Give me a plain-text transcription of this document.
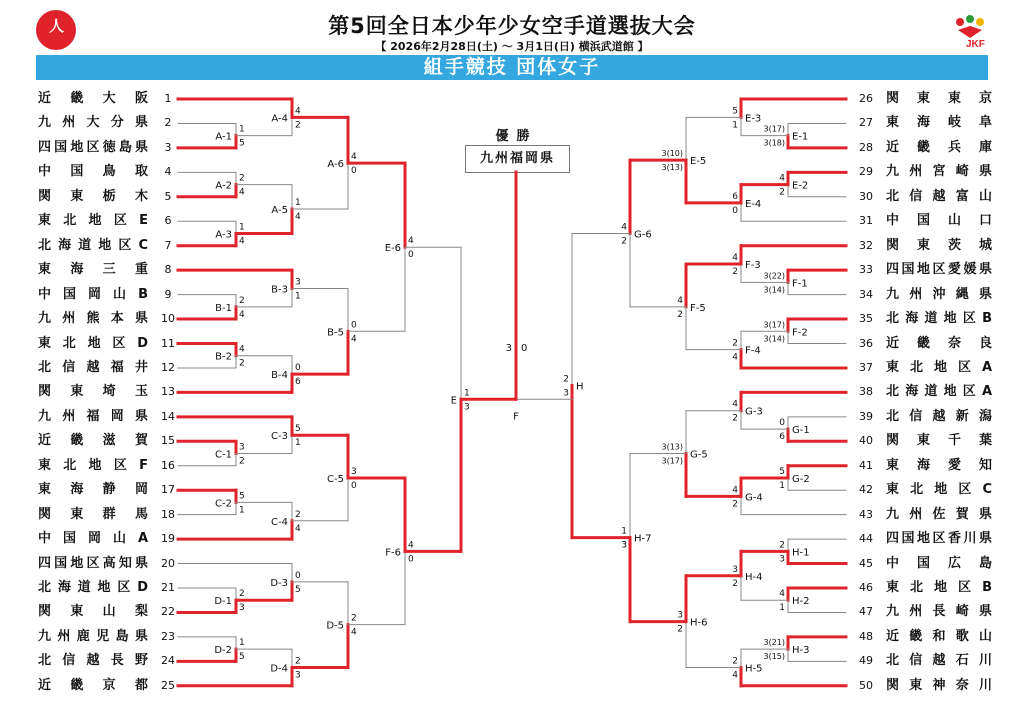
人
JKF
第5回全日本少年少女空手道選抜大会
【 2026年2月28日(土) ～ 3月1日(日) 横浜武道館 】
組手競技 団体女子
優勝
九州福岡県
近畿大阪	1
九州大分県	2
四国地区徳島県	3
中国鳥取	4
関東栃木	5
東北地区E	6
北海道地区C	7
東海三重	8
中国岡山B	9
九州熊本県 10
東北地区D 11
北信越福井 12
関東埼玉 13
九州福岡県 14
近畿滋賀 15
東北地区F 16
東海静岡 17
関東群馬 18
中国岡山A 19
四国地区高知県 20
北海道地区D 21
関東山梨 22
九州鹿児島県 23
北信越長野 24
近畿京都 25
関東東京
26
東海岐阜
27
近畿兵庫
28
九州宮崎県
29
北信越富山
30
中国山口
31
関東茨城
32
四国地区愛媛県
33
九州沖縄県
34
北海道地区B
35
近畿奈良
36
東北地区A
37
北海道地区A
38
北信越新潟
39
関東千葉
40
東海愛知
41
東北地区C
42
九州佐賀県
43
四国地区香川県
44
中国広島
45
東北地区B
46
九州長崎県
47
近畿和歌山
48
北信越石川
49
関東神奈川
50
1
5
A-1
2
4
A-2
1
4
A-3
2
4
B-1
4
2
B-2
3
2
C-1
5
1
C-2
2
3
D-1
1
5
D-2
4
2
A-4
1
4
A-5
3
1
B-3
0
6
B-4
5
1
C-3
2
4
C-4
0
5
D-3
2
3
D-4
4
0
A-6
0
4
B-5
3
0
C-5
2
4
D-5
4
0
E-6
4
0
F-6
1
3
E
3(17)
3(18)
E-1
4
2
E-2
3(22)
3(14)
F-1
3(17)
3(14)
F-2
0
6
G-1
5
1
G-2
2
3
H-1
4
1
H-2
3(21)
3(15)
H-3
5
1
E-3
6
0
E-4
4
2
F-3
2
4
F-4
4
2
G-3
4
2
G-4
3
2
H-4
2
4
H-5
3(10)
3(13)
E-5
4
2
F-5
3(13)
3(17)
G-5
3
2
H-6
4
2
G-6
1
3
H-7
2
3
H
3 0
F
